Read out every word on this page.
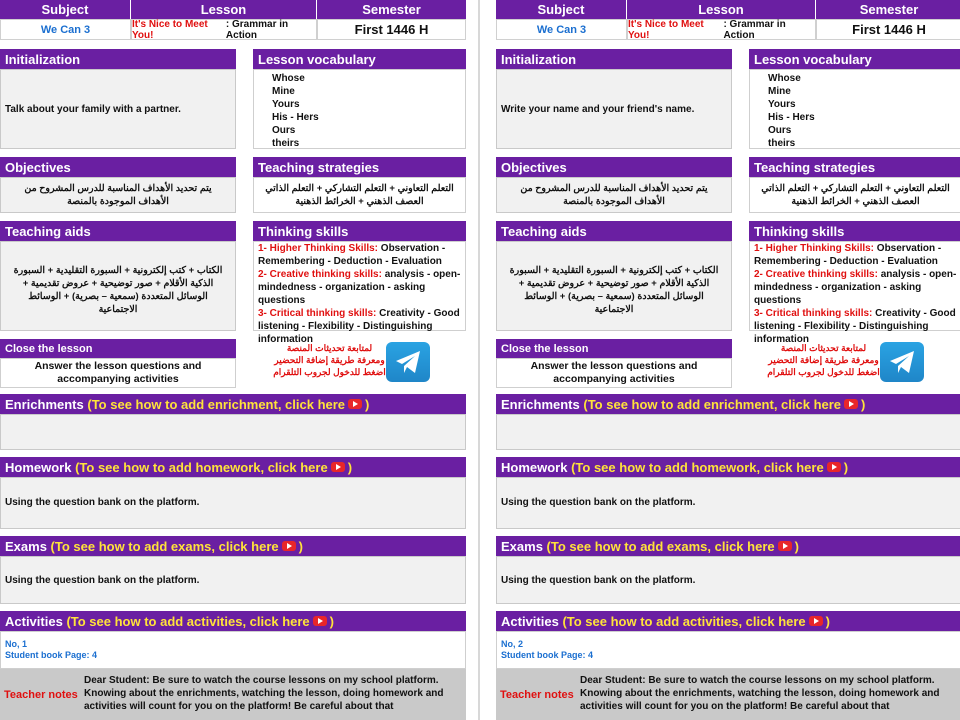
Subject	Lesson	Semester
We Can 3	It's Nice to Meet You!
: Grammar in Action	First 1446 H
Initialization
Talk about your family with a partner.
Lesson vocabulary
Whose
Mine
Yours
His - Hers
Ours
theirs
Objectives
يتم تحديد الأهداف المناسبة للدرس المشروح من الأهداف الموجودة بالمنصة
Teaching strategies
التعلم التعاوني + التعلم التشاركي + التعلم الذاتي
العصف الذهني + الخرائط الذهنية
Teaching aids
الكتاب + كتب إلكترونية + السبورة التقليدية + السبورة الذكية الأقلام + صور توضيحية + عروض تقديمية + الوسائل المتعددة (سمعية – بصرية) + الوسائط الاجتماعية
Thinking skills
1- Higher Thinking Skills: Observation - Remembering - Deduction - Evaluation
2- Creative thinking skills: analysis - open-mindedness - organization - asking questions
3- Critical thinking skills: Creativity - Good listening - Flexibility - Distinguishing information
Close the lesson
Answer the lesson questions and accompanying activities
لمتابعة تحديثات المنصة ومعرفة طريقة إضافة التحضير اضغط للدخول لجروب التلقرام
Enrichments
(To see how to add enrichment, click here )
Homework
(To see how to add homework, click here )
Using the question bank on the platform.
Exams
(To see how to add exams, click here )
Using the question bank on the platform.
Activities
(To see how to add activities, click here )
No, 1
Student book Page: 4
Teacher notes
Dear Student: Be sure to watch the course lessons on my school platform. Knowing about the enrichments, watching the lesson, doing homework and activities will count for you on the platform! Be careful about that
Subject	Lesson	Semester
We Can 3	It's Nice to Meet You!
: Grammar in Action	First 1446 H
Initialization
Write your name and your friend's name.
Lesson vocabulary
Whose
Mine
Yours
His - Hers
Ours
theirs
Objectives
يتم تحديد الأهداف المناسبة للدرس المشروح من الأهداف الموجودة بالمنصة
Teaching strategies
التعلم التعاوني + التعلم التشاركي + التعلم الذاتي
العصف الذهني + الخرائط الذهنية
Teaching aids
الكتاب + كتب إلكترونية + السبورة التقليدية + السبورة الذكية الأقلام + صور توضيحية + عروض تقديمية + الوسائل المتعددة (سمعية – بصرية) + الوسائط الاجتماعية
Thinking skills
1- Higher Thinking Skills: Observation - Remembering - Deduction - Evaluation
2- Creative thinking skills: analysis - open-mindedness - organization - asking questions
3- Critical thinking skills: Creativity - Good listening - Flexibility - Distinguishing information
Close the lesson
Answer the lesson questions and accompanying activities
لمتابعة تحديثات المنصة ومعرفة طريقة إضافة التحضير اضغط للدخول لجروب التلقرام
Enrichments
(To see how to add enrichment, click here )
Homework
(To see how to add homework, click here )
Using the question bank on the platform.
Exams
(To see how to add exams, click here )
Using the question bank on the platform.
Activities
(To see how to add activities, click here )
No, 2
Student book Page: 4
Teacher notes
Dear Student: Be sure to watch the course lessons on my school platform. Knowing about the enrichments, watching the lesson, doing homework and activities will count for you on the platform! Be careful about that
